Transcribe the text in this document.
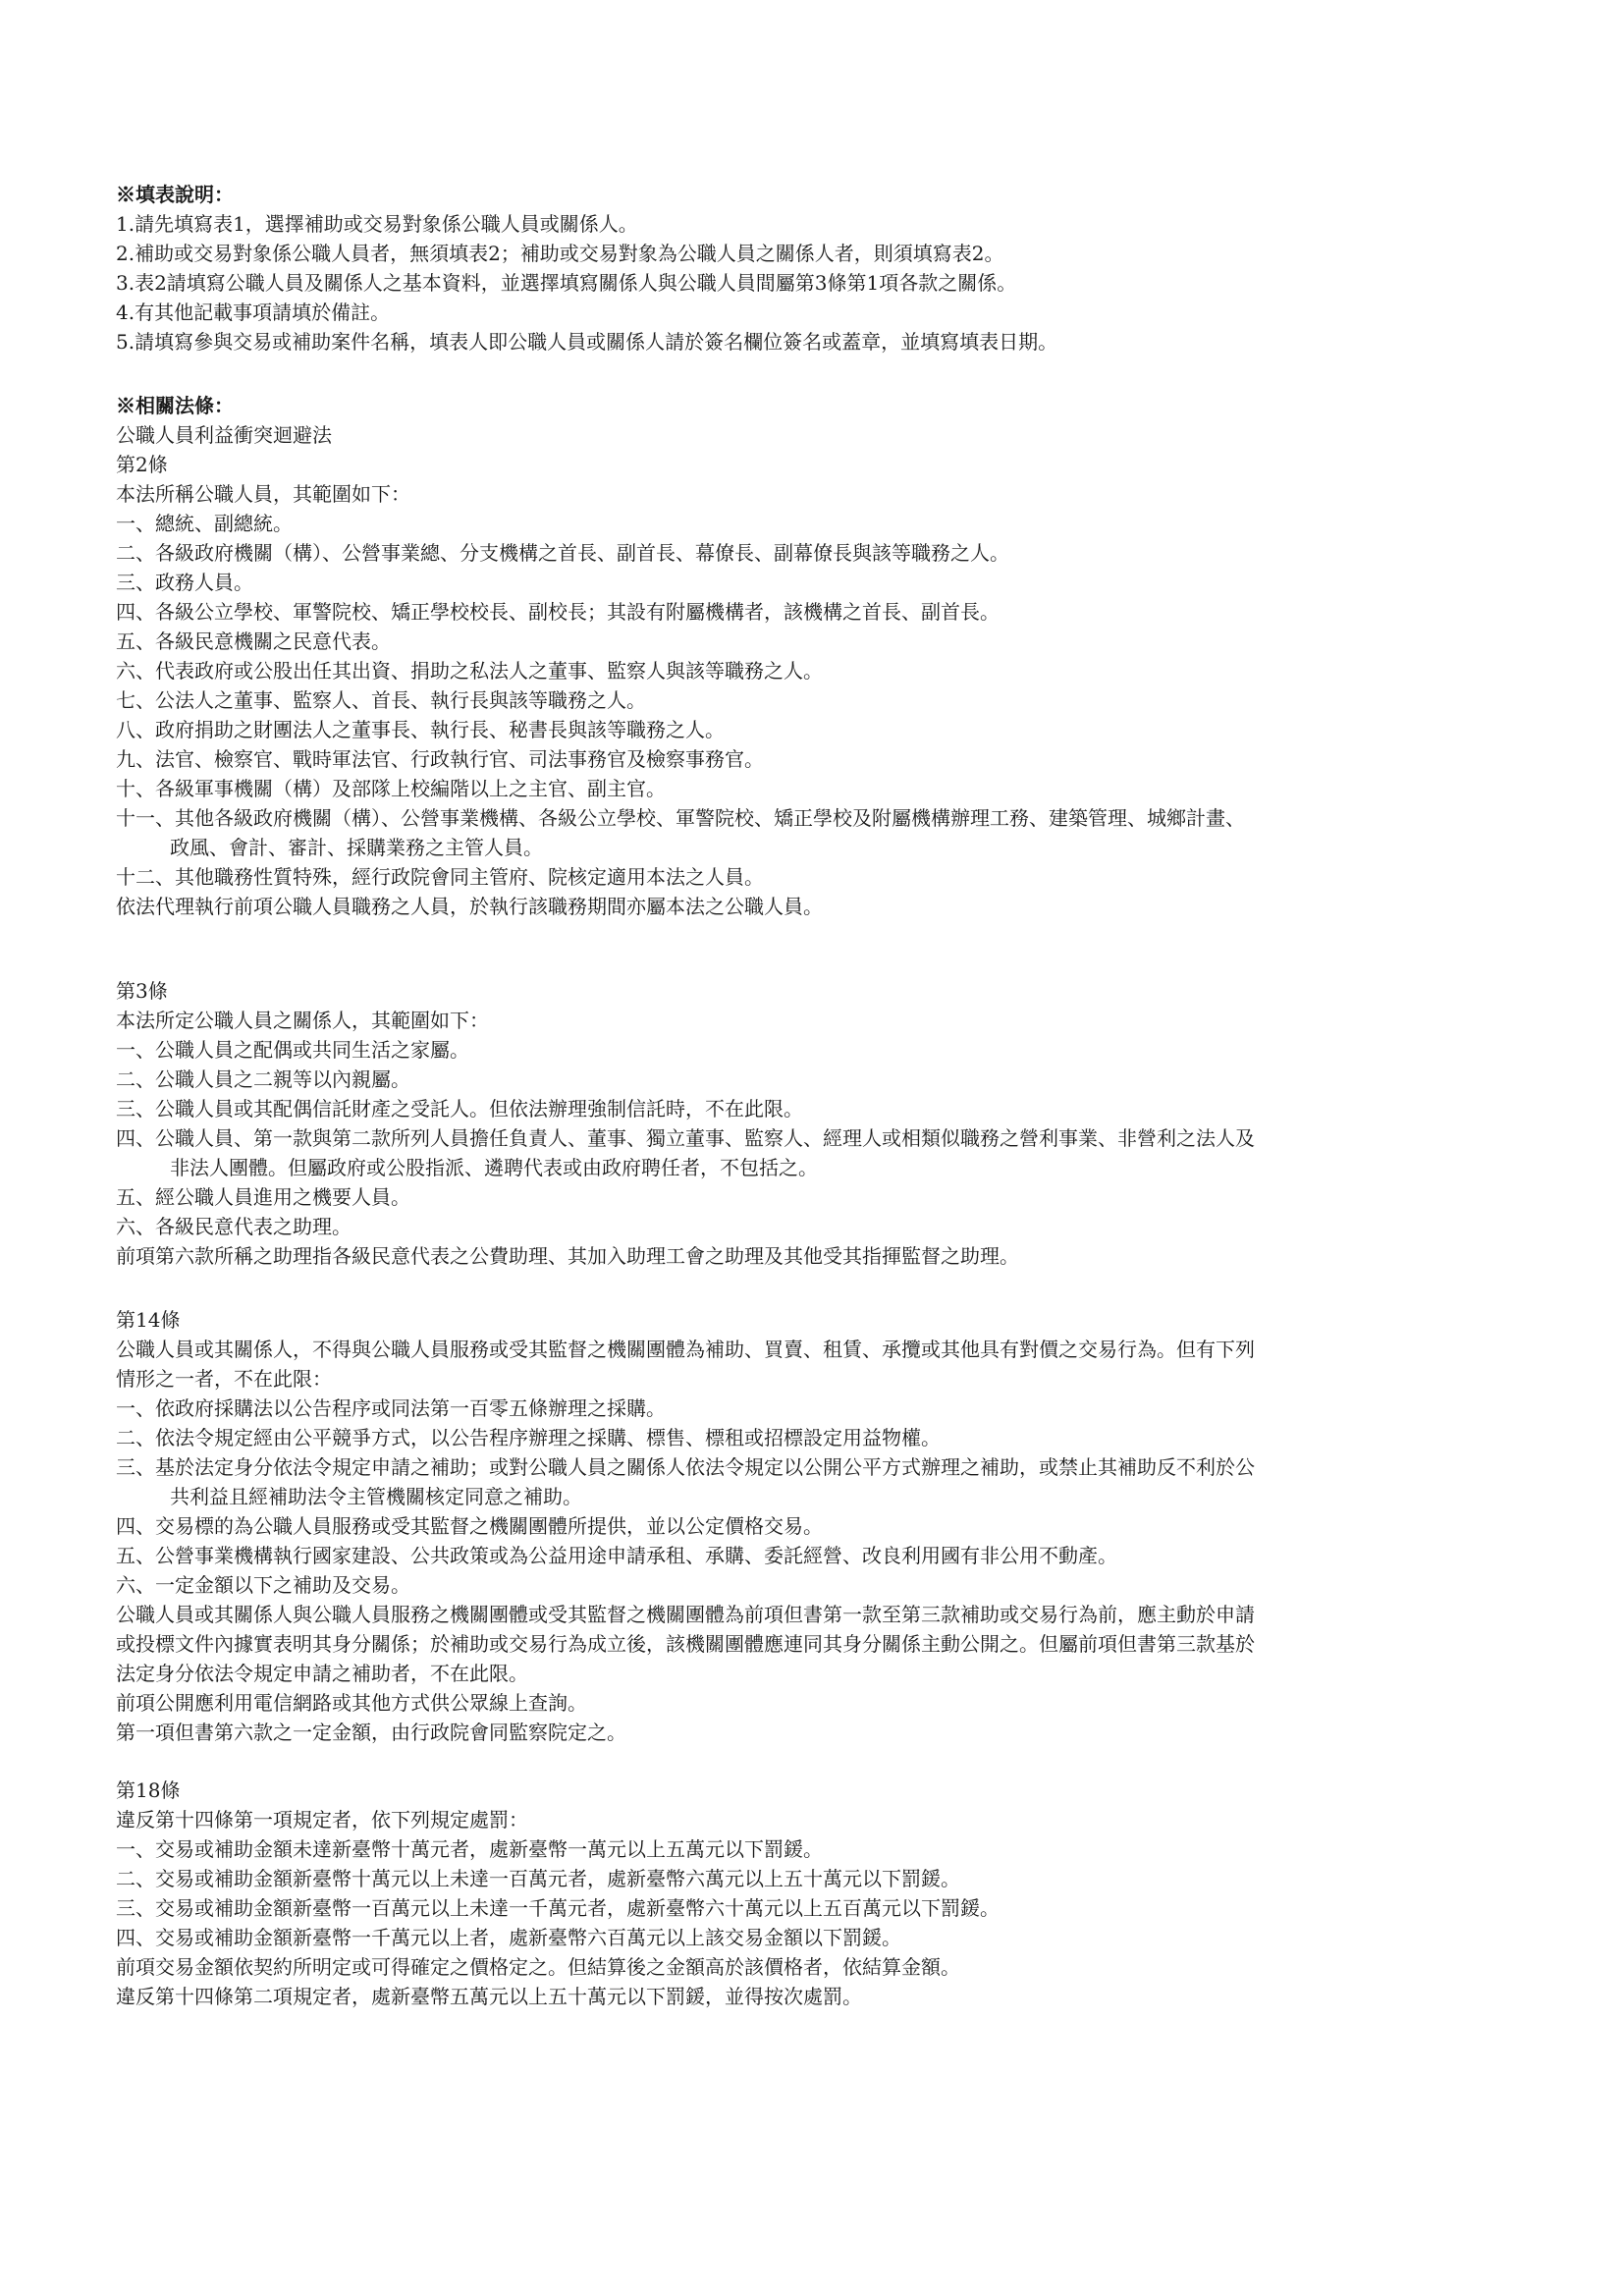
※填表說明：
1.請先填寫表1，選擇補助或交易對象係公職人員或關係人。
2.補助或交易對象係公職人員者，無須填表2；補助或交易對象為公職人員之關係人者，則須填寫表2。
3.表2請填寫公職人員及關係人之基本資料，並選擇填寫關係人與公職人員間屬第3條第1項各款之關係。
4.有其他記載事項請填於備註。
5.請填寫參與交易或補助案件名稱，填表人即公職人員或關係人請於簽名欄位簽名或蓋章，並填寫填表日期。
※相關法條：
公職人員利益衝突迴避法
第2條
本法所稱公職人員，其範圍如下：
一、總統、副總統。
二、各級政府機關（構）、公營事業總、分支機構之首長、副首長、幕僚長、副幕僚長與該等職務之人。
三、政務人員。
四、各級公立學校、軍警院校、矯正學校校長、副校長；其設有附屬機構者，該機構之首長、副首長。
五、各級民意機關之民意代表。
六、代表政府或公股出任其出資、捐助之私法人之董事、監察人與該等職務之人。
七、公法人之董事、監察人、首長、執行長與該等職務之人。
八、政府捐助之財團法人之董事長、執行長、秘書長與該等職務之人。
九、法官、檢察官、戰時軍法官、行政執行官、司法事務官及檢察事務官。
十、各級軍事機關（構）及部隊上校編階以上之主官、副主官。
十一、其他各級政府機關（構）、公營事業機構、各級公立學校、軍警院校、矯正學校及附屬機構辦理工務、建築管理、城鄉計畫、
政風、會計、審計、採購業務之主管人員。
十二、其他職務性質特殊，經行政院會同主管府、院核定適用本法之人員。
依法代理執行前項公職人員職務之人員，於執行該職務期間亦屬本法之公職人員。
第3條
本法所定公職人員之關係人，其範圍如下：
一、公職人員之配偶或共同生活之家屬。
二、公職人員之二親等以內親屬。
三、公職人員或其配偶信託財產之受託人。但依法辦理強制信託時，不在此限。
四、公職人員、第一款與第二款所列人員擔任負責人、董事、獨立董事、監察人、經理人或相類似職務之營利事業、非營利之法人及
非法人團體。但屬政府或公股指派、遴聘代表或由政府聘任者，不包括之。
五、經公職人員進用之機要人員。
六、各級民意代表之助理。
前項第六款所稱之助理指各級民意代表之公費助理、其加入助理工會之助理及其他受其指揮監督之助理。
第14條
公職人員或其關係人，不得與公職人員服務或受其監督之機關團體為補助、買賣、租賃、承攬或其他具有對價之交易行為。但有下列
情形之一者，不在此限：
一、依政府採購法以公告程序或同法第一百零五條辦理之採購。
二、依法令規定經由公平競爭方式，以公告程序辦理之採購、標售、標租或招標設定用益物權。
三、基於法定身分依法令規定申請之補助；或對公職人員之關係人依法令規定以公開公平方式辦理之補助，或禁止其補助反不利於公
共利益且經補助法令主管機關核定同意之補助。
四、交易標的為公職人員服務或受其監督之機關團體所提供，並以公定價格交易。
五、公營事業機構執行國家建設、公共政策或為公益用途申請承租、承購、委託經營、改良利用國有非公用不動產。
六、一定金額以下之補助及交易。
公職人員或其關係人與公職人員服務之機關團體或受其監督之機關團體為前項但書第一款至第三款補助或交易行為前，應主動於申請
或投標文件內據實表明其身分關係；於補助或交易行為成立後，該機關團體應連同其身分關係主動公開之。但屬前項但書第三款基於
法定身分依法令規定申請之補助者，不在此限。
前項公開應利用電信網路或其他方式供公眾線上查詢。
第一項但書第六款之一定金額，由行政院會同監察院定之。
第18條
違反第十四條第一項規定者，依下列規定處罰：
一、交易或補助金額未達新臺幣十萬元者，處新臺幣一萬元以上五萬元以下罰鍰。
二、交易或補助金額新臺幣十萬元以上未達一百萬元者，處新臺幣六萬元以上五十萬元以下罰鍰。
三、交易或補助金額新臺幣一百萬元以上未達一千萬元者，處新臺幣六十萬元以上五百萬元以下罰鍰。
四、交易或補助金額新臺幣一千萬元以上者，處新臺幣六百萬元以上該交易金額以下罰鍰。
前項交易金額依契約所明定或可得確定之價格定之。但結算後之金額高於該價格者，依結算金額。
違反第十四條第二項規定者，處新臺幣五萬元以上五十萬元以下罰鍰，並得按次處罰。
